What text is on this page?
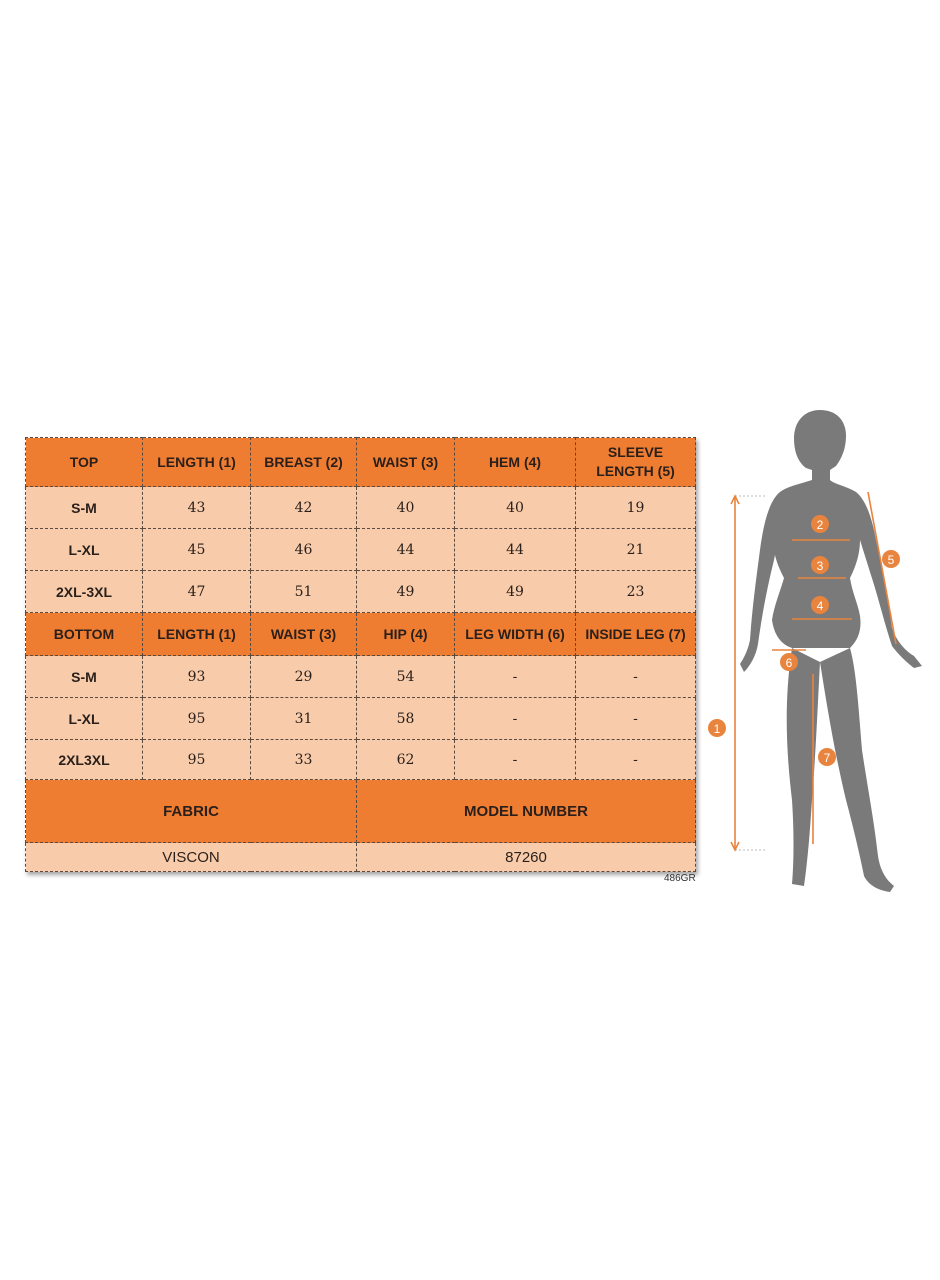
TOP	LENGTH (1)	BREAST (2)	WAIST (3)	HEM (4)	SLEEVE LENGTH (5)
S-M	43	42	40	40	19
L-XL	45	46	44	44	21
2XL-3XL	47	51	49	49	23
BOTTOM	LENGTH (1)	WAIST (3)	HIP (4)	LEG WIDTH (6)	INSIDE LEG (7)
S-M	93	29	54	-	-
L-XL	95	31	58	-	-
2XL3XL	95	33	62	-	-
FABRIC			MODEL NUMBER		
VISCON			87260		
486GR
1
2
3
4
5
6
7
